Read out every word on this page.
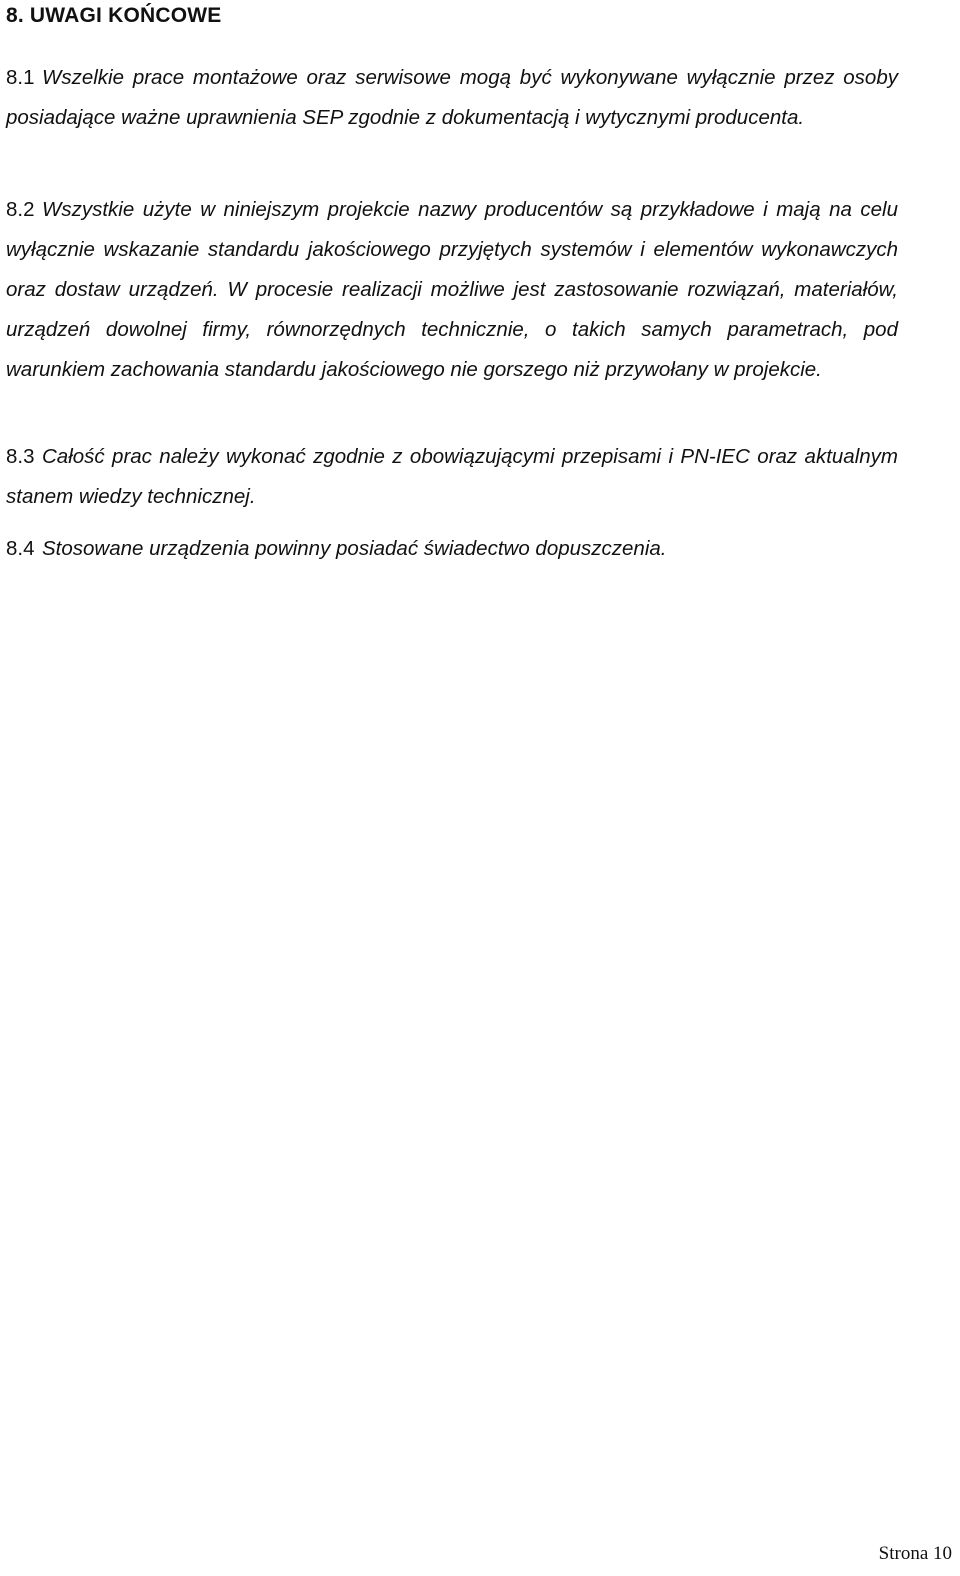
8. UWAGI KOŃCOWE
8.1 Wszelkie prace montażowe oraz serwisowe mogą być wykonywane wyłącznie przez osoby posiadające ważne uprawnienia SEP zgodnie z dokumentacją i wytycznymi producenta.

8.2 Wszystkie użyte w niniejszym projekcie nazwy producentów są przykładowe i mają na celu wyłącznie wskazanie standardu jakościowego przyjętych systemów i elementów wykonawczych oraz dostaw urządzeń. W procesie realizacji możliwe jest zastosowanie rozwiązań, materiałów, urządzeń dowolnej firmy, równorzędnych technicznie, o takich samych parametrach, pod warunkiem zachowania standardu jakościowego nie gorszego niż przywołany w projekcie.

8.3 Całość prac należy wykonać zgodnie z obowiązującymi przepisami i PN-IEC oraz aktualnym stanem wiedzy technicznej.

8.4 Stosowane urządzenia powinny posiadać świadectwo dopuszczenia.

Strona 10
